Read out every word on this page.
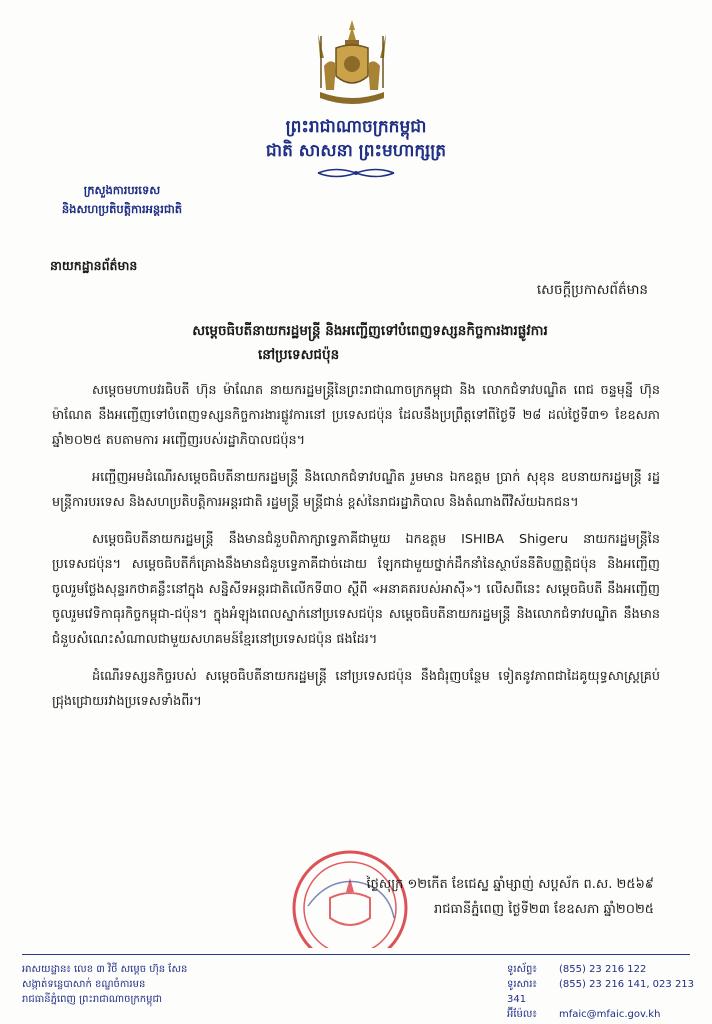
ព្រះរាជាណាចក្រកម្ពុជា
ជាតិ សាសនា ព្រះមហាក្សត្រ
ក្រសួងការបរទេស
និងសហប្រតិបត្តិការអន្តរជាតិ
នាយកដ្ឋានព័ត៌មាន
សេចក្តីប្រកាសព័ត៌មាន
សម្តេចធិបតីនាយករដ្ឋមន្ត្រី និងអញ្ជើញទៅបំពេញទស្សនកិច្ចការងារផ្លូវការ
នៅប្រទេសជប៉ុន

សម្តេចមហាបវរធិបតី ហ៊ុន ម៉ាណែត នាយករដ្ឋមន្ត្រីនៃព្រះរាជាណាចក្រកម្ពុជា និង លោកជំទាវបណ្ឌិត ពេជ ចន្ទមុន្នី ហ៊ុន ម៉ាណែត នឹងអញ្ជើញទៅបំពេញទស្សនកិច្ចការងារផ្លូវការនៅ ប្រទេសជប៉ុន ដែលនឹងប្រព្រឹត្តទៅពីថ្ងៃទី ២៨ ដល់ថ្ងៃទី៣១ ខែឧសភា ឆ្នាំ២០២៥ តបតាមការ អញ្ជើញរបស់រដ្ឋាភិបាលជប៉ុន។

អញ្ជើញអមដំណើរសម្តេចធិបតីនាយករដ្ឋមន្ត្រី និងលោកជំទាវបណ្ឌិត រួមមាន ឯកឧត្តម ប្រាក់ សុខុន ឧបនាយករដ្ឋមន្ត្រី រដ្ឋមន្ត្រីការបរទេស និងសហប្រតិបត្តិការអន្តរជាតិ រដ្ឋមន្ត្រី មន្ត្រីជាន់ ខ្ពស់នៃរាជរដ្ឋាភិបាល និងតំណាងពីវិស័យឯកជន។

សម្តេចធិបតីនាយករដ្ឋមន្ត្រី នឹងមានជំនួបពិភាក្សាទ្វេភាគីជាមួយ ឯកឧត្តម ISHIBA Shigeru នាយករដ្ឋមន្ត្រីនៃប្រទេសជប៉ុន។ សម្តេចធិបតីក៏គ្រោងនឹងមានជំនួបទ្វេភាគីជាច់ដោយ ឡែកជាមួយថ្នាក់ដឹកនាំនៃស្ថាប័ននីតិបញ្ញត្តិជប៉ុន និងអញ្ជើញចូលរួមថ្លែងសុន្ទរកថាគន្លឹះនៅក្នុង សន្និសីទអន្តរជាតិលើកទី៣០ ស្តីពី «អនាគតរបស់អាស៊ី»។ លើសពីនេះ សម្តេចធិបតី នឹងអញ្ជើញ ចូលរួមវេទិកាធុរកិច្ចកម្ពុជា-ជប៉ុន។ ក្នុងអំឡុងពេលស្នាក់នៅប្រទេសជប៉ុន សម្តេចធិបតីនាយករដ្ឋមន្ត្រី និងលោកជំទាវបណ្ឌិត នឹងមានជំនួបសំណេះសំណាលជាមួយសហគមន៍ខ្មែរនៅប្រទេសជប៉ុន ផងដែរ។

ដំណើរទស្សនកិច្ចរបស់ សម្តេចធិបតីនាយករដ្ឋមន្ត្រី នៅប្រទេសជប៉ុន នឹងជំរុញបន្ថែម ទៀតនូវភាពជាដៃគូយុទ្ធសាស្ត្រគ្រប់ជ្រុងជ្រោយរវាងប្រទេសទាំងពីរ។

ថ្ងៃសុក្រ ១២កើត ខែជេស្ឋ ឆ្នាំម្សាញ់ សប្តស័ក ព.ស. ២៥៦៩
រាជធានីភ្នំពេញ ថ្ងៃទី២៣ ខែឧសភា ឆ្នាំ២០២៥
អាសយដ្ឋាន៖ លេខ ៣ វិថី សម្តេច ហ៊ុន សែន
សង្កាត់ទន្លេបាសាក់ ខណ្ឌចំការមន
រាជធានីភ្នំពេញ ព្រះរាជាណាចក្រកម្ពុជា
ទូរស័ព្ទ៖ (855) 23 216 122
ទូរសារ៖ (855) 23 216 141, 023 213 341
អ៊ីម៉ែល៖ mfaic@mfaic.gov.kh
